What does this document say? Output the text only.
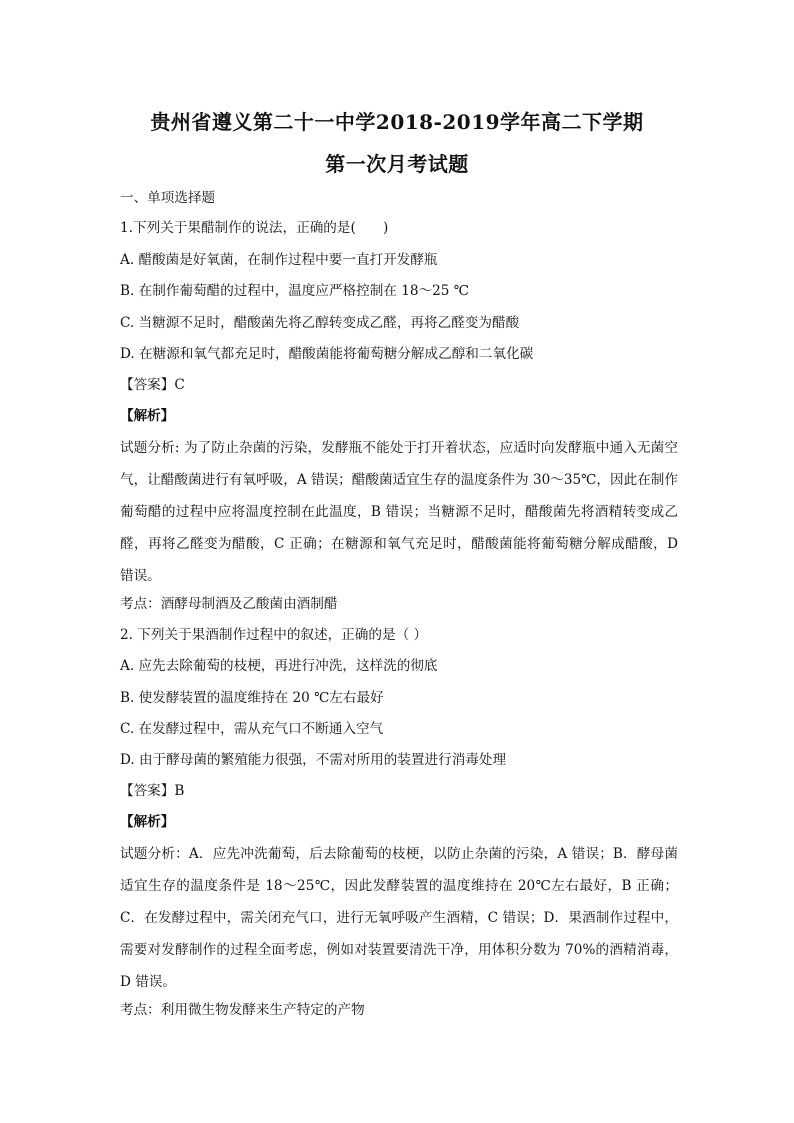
贵州省遵义第二十一中学2018-2019学年高二下学期
第一次月考试题
一、单项选择题
1.下列关于果醋制作的说法，正确的是(　　)
A. 醋酸菌是好氧菌，在制作过程中要一直打开发酵瓶
B. 在制作葡萄醋的过程中，温度应严格控制在 18～25 ℃
C. 当糖源不足时，醋酸菌先将乙醇转变成乙醛，再将乙醛变为醋酸
D. 在糖源和氧气都充足时，醋酸菌能将葡萄糖分解成乙醇和二氧化碳
【答案】C
【解析】
试题分析: 为了防止杂菌的污染，发酵瓶不能处于打开着状态，应适时向发酵瓶中通入无菌空气，让醋酸菌进行有氧呼吸，A 错误；醋酸菌适宜生存的温度条件为 30～35℃，因此在制作葡萄醋的过程中应将温度控制在此温度，B 错误；当糖源不足时，醋酸菌先将酒精转变成乙醛，再将乙醛变为醋酸，C 正确；在糖源和氧气充足时，醋酸菌能将葡萄糖分解成醋酸，D 错误。
考点：酒酵母制酒及乙酸菌由酒制醋
2. 下列关于果酒制作过程中的叙述，正确的是（ ）
A. 应先去除葡萄的枝梗，再进行冲洗，这样洗的彻底
B. 使发酵装置的温度维持在 20 ℃左右最好
C. 在发酵过程中，需从充气口不断通入空气
D. 由于酵母菌的繁殖能力很强，不需对所用的装置进行消毒处理
【答案】B
【解析】
试题分析：A．应先冲洗葡萄，后去除葡萄的枝梗，以防止杂菌的污染，A 错误；B．酵母菌适宜生存的温度条件是 18～25℃，因此发酵装置的温度维持在 20℃左右最好，B 正确；C．在发酵过程中，需关闭充气口，进行无氧呼吸产生酒精，C 错误；D．果酒制作过程中，需要对发酵制作的过程全面考虑，例如对装置要清洗干净，用体积分数为 70%的酒精消毒，D 错误。
考点：利用微生物发酵来生产特定的产物
